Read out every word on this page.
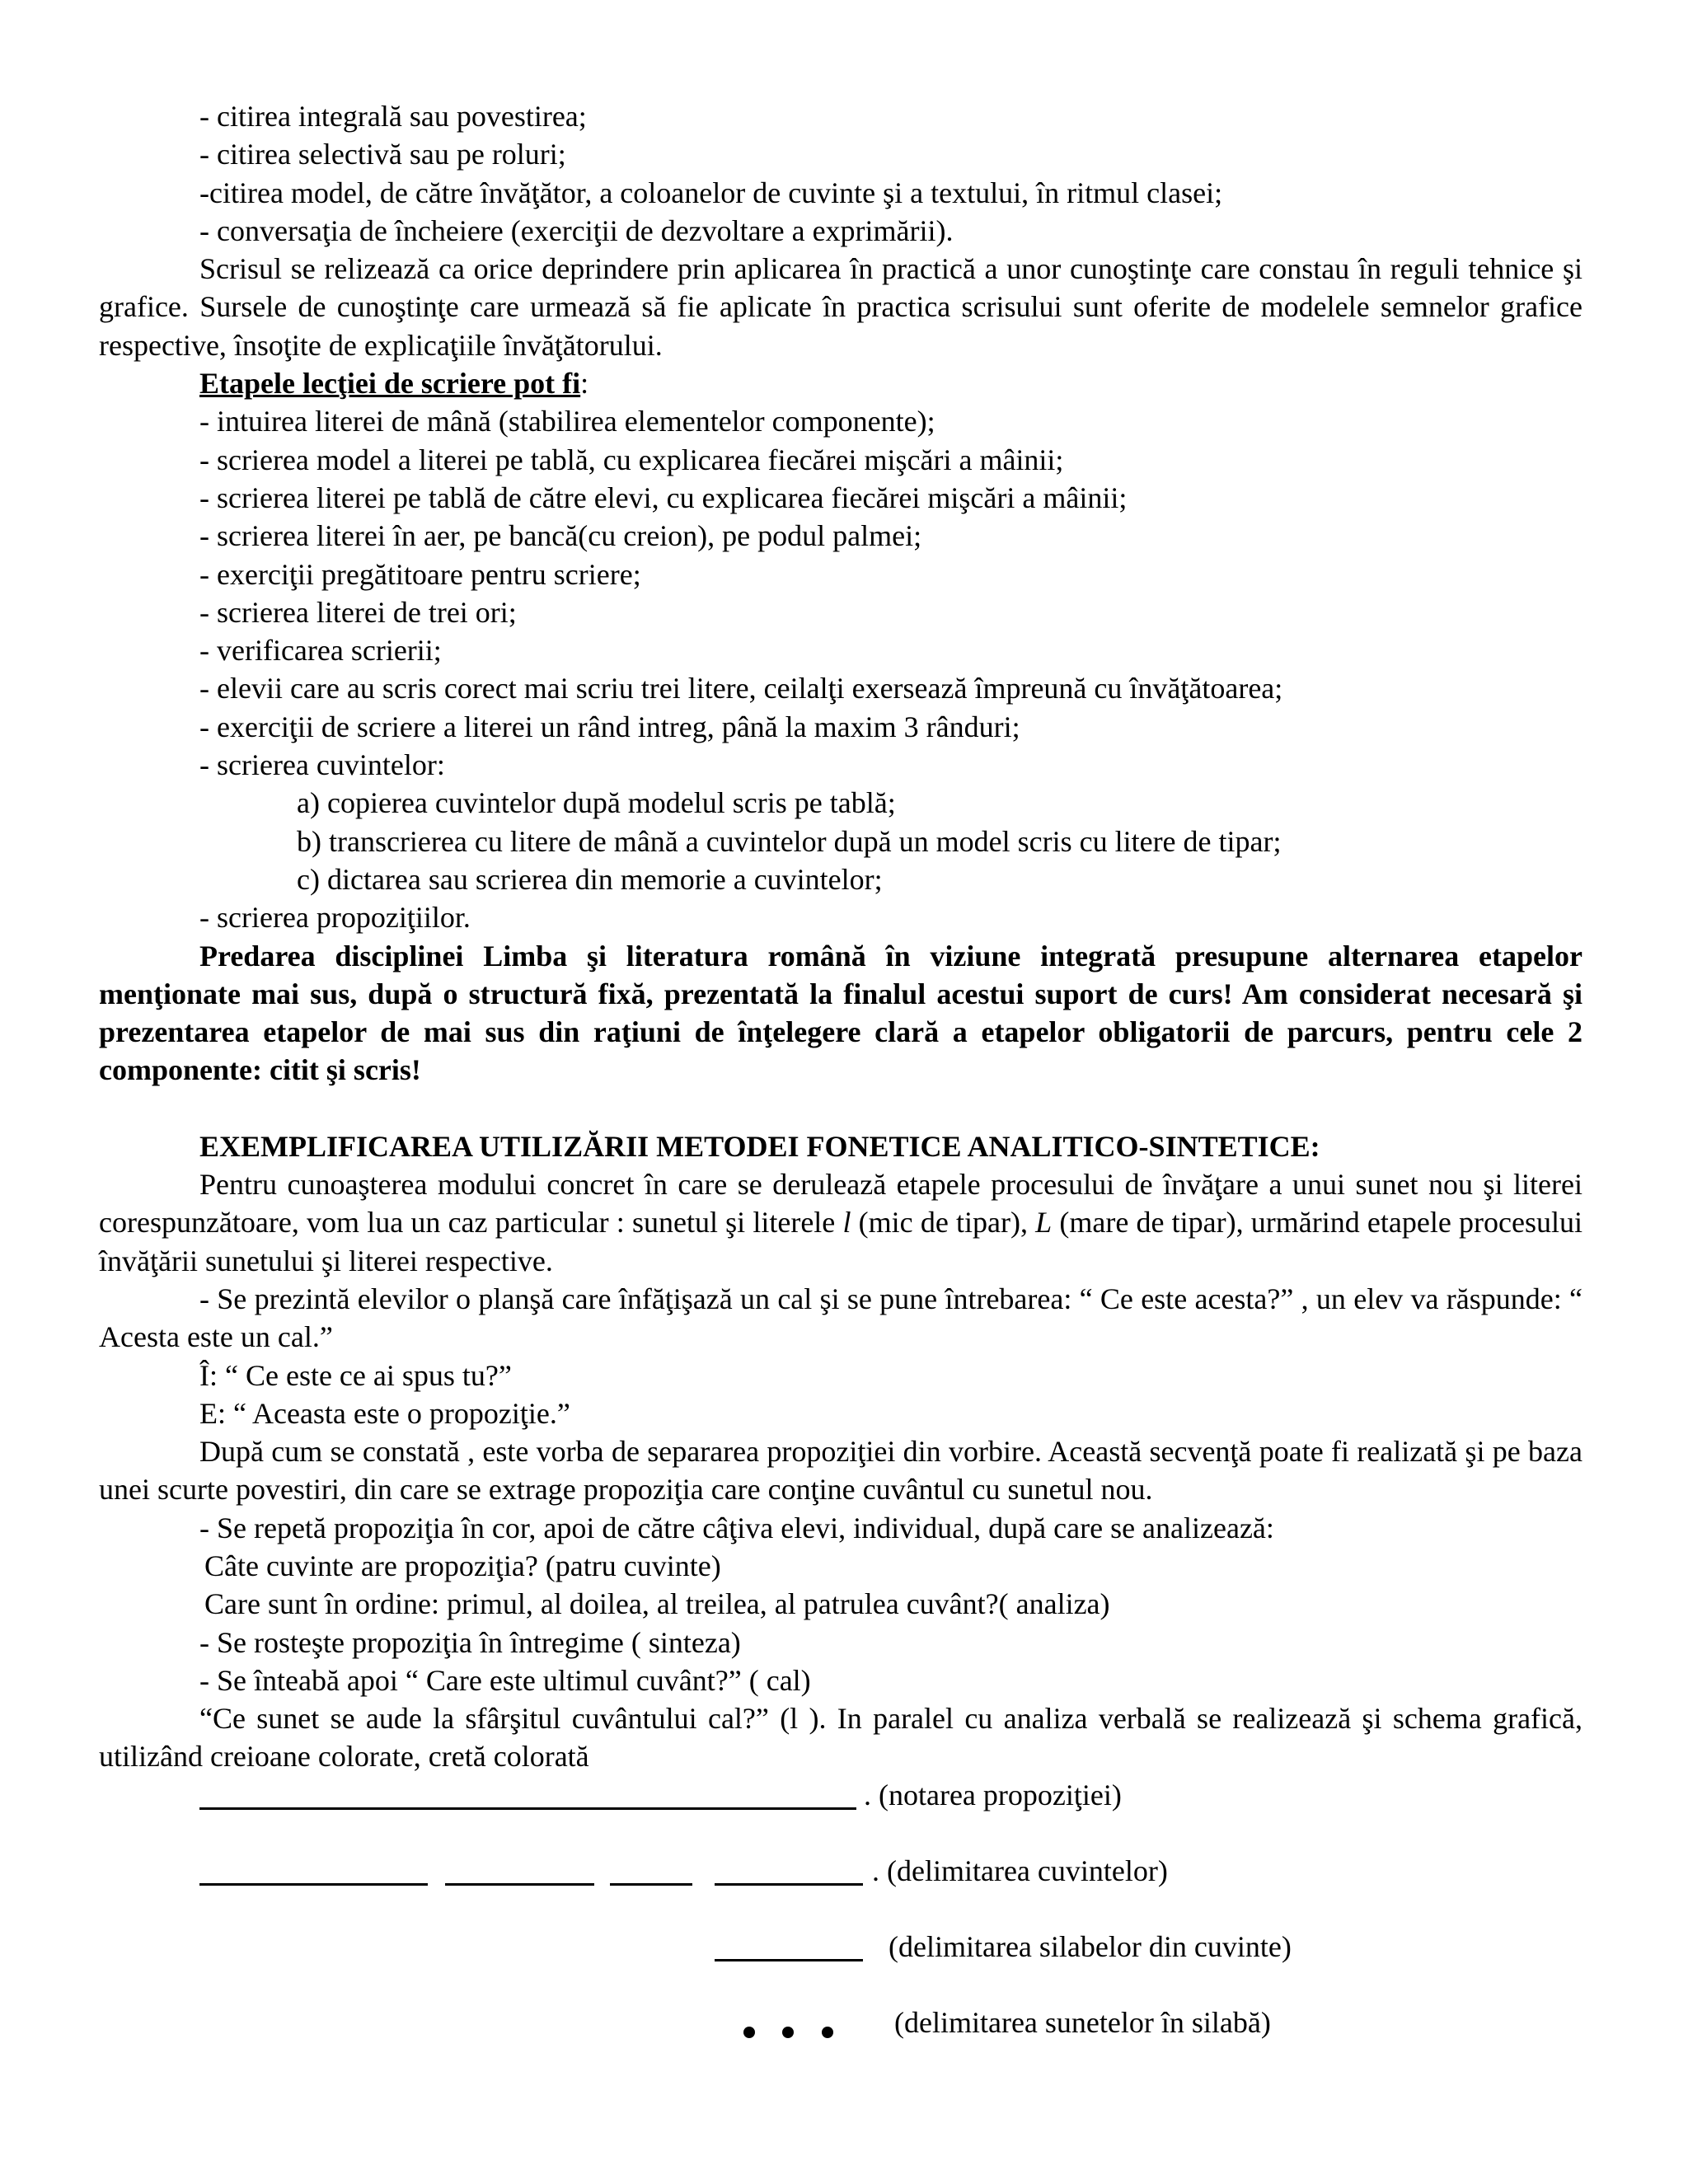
- citirea integrală sau povestirea;
- citirea selectivă sau pe roluri;
-citirea model, de către învăţător, a coloanelor de cuvinte şi a textului, în ritmul clasei;
- conversaţia de încheiere (exerciţii de dezvoltare a exprimării).
Scrisul se relizează ca orice deprindere prin aplicarea în practică a unor cunoştinţe care constau în reguli tehnice şi grafice. Sursele de cunoştinţe care urmează să fie aplicate în practica scrisului sunt oferite de modelele semnelor grafice respective, însoţite de explicaţiile învăţătorului.
Etapele lecţiei de scriere pot fi:
- intuirea literei de mână (stabilirea elementelor componente);
- scrierea model a literei pe tablă, cu explicarea fiecărei mişcări a mâinii;
- scrierea literei pe tablă de către elevi, cu explicarea fiecărei mişcări a mâinii;
- scrierea literei în aer, pe bancă(cu creion), pe podul palmei;
- exerciţii pregătitoare pentru scriere;
- scrierea literei de trei ori;
- verificarea scrierii;
- elevii care au scris corect mai scriu trei litere, ceilalţi exersează împreună cu învăţătoarea;
- exerciţii de scriere a literei un rând intreg, până la maxim 3 rânduri;
- scrierea cuvintelor:
a) copierea cuvintelor după modelul scris pe tablă;
b) transcrierea cu litere de mână a cuvintelor după un model scris cu litere de tipar;
c) dictarea sau scrierea din memorie a cuvintelor;
- scrierea propoziţiilor.
Predarea disciplinei Limba şi literatura română în viziune integrată presupune alternarea etapelor menţionate mai sus, după o structură fixă, prezentată la finalul acestui suport de curs! Am considerat necesară şi prezentarea etapelor de mai sus din raţiuni de înţelegere clară a etapelor obligatorii de parcurs, pentru cele 2 componente: citit şi scris!
EXEMPLIFICAREA UTILIZĂRII METODEI FONETICE ANALITICO-SINTETICE:
Pentru cunoaşterea modului concret în care se derulează etapele procesului de învăţare a unui sunet nou şi literei corespunzătoare, vom lua un caz particular : sunetul şi literele l (mic de tipar), L (mare de tipar), urmărind etapele procesului învăţării sunetului şi literei respective.
- Se prezintă elevilor o planşă care înfăţişază un cal şi se pune întrebarea: “ Ce este acesta?” , un elev va răspunde: “ Acesta este un cal.”
Î: “ Ce este ce ai spus tu?”
E: “ Aceasta este o propoziţie.”
După cum se constată , este vorba de separarea propoziţiei din vorbire. Această secvenţă poate fi realizată şi pe baza unei scurte povestiri, din care se extrage propoziţia care conţine cuvântul cu sunetul nou.
- Se repetă propoziţia în cor, apoi de către câţiva elevi, individual, după care se analizează:
Câte cuvinte are propoziţia? (patru cuvinte)
Care sunt în ordine: primul, al doilea, al treilea, al patrulea cuvânt?( analiza)
- Se rosteşte propoziţia în întregime ( sinteza)
- Se înteabă apoi “ Care este ultimul cuvânt?” ( cal)
“Ce sunet se aude la sfârşitul cuvântului cal?” (l ). In paralel cu analiza verbală se realizează şi schema grafică, utilizând creioane colorate, cretă colorată
. (notarea propoziţiei)
. (delimitarea cuvintelor)
(delimitarea silabelor din cuvinte)
(delimitarea sunetelor în silabă)
